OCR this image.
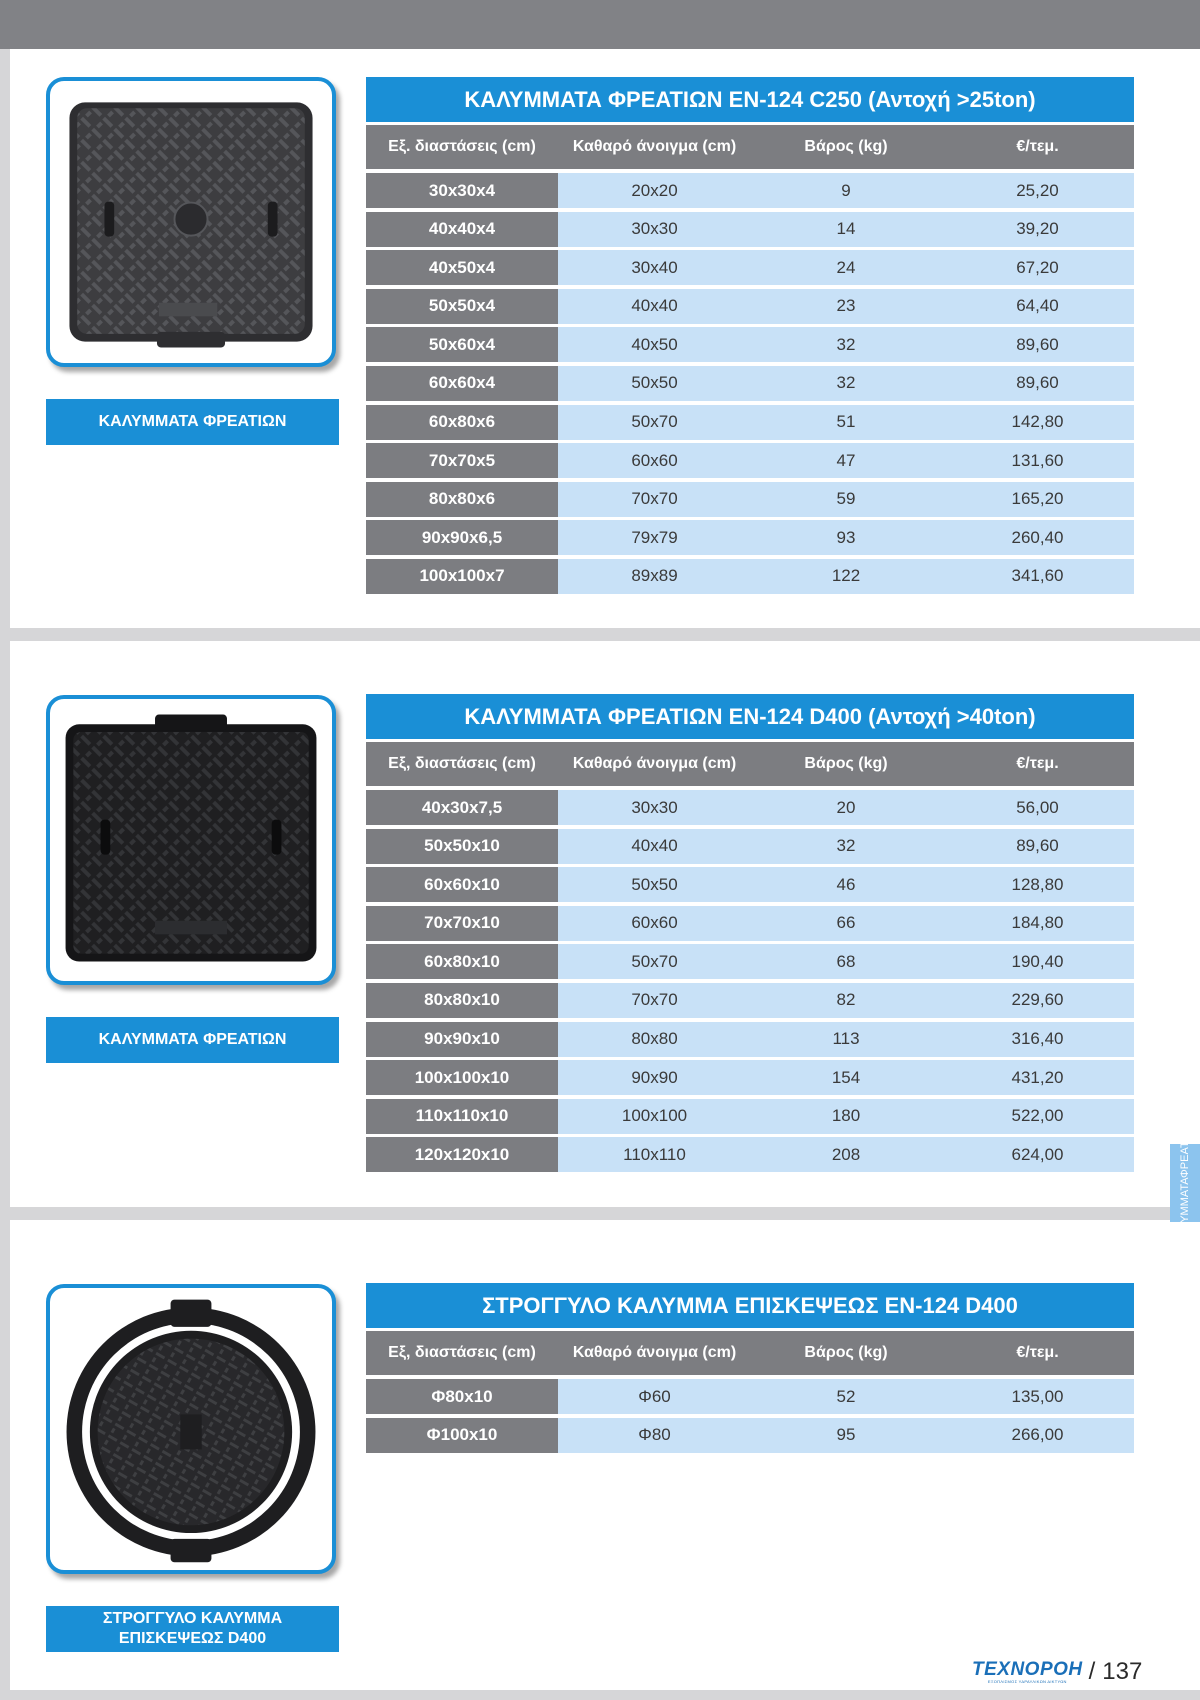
ΚΑΛΥΜΜΑΤΑ ΦΡΕΑΤΙΩΝ
ΚΑΛΥΜΜΑΤΑ ΦΡΕΑΤΙΩΝ EN-124 C250 (Αντοχή >25ton)
Εξ. διαστάσεις (cm)	Καθαρό άνοιγμα (cm)	Βάρος (kg)	€/τεμ.
30x30x4	20x20	9	25,20
40x40x4	30x30	14	39,20
40x50x4	30x40	24	67,20
50x50x4	40x40	23	64,40
50x60x4	40x50	32	89,60
60x60x4	50x50	32	89,60
60x80x6	50x70	51	142,80
70x70x5	60x60	47	131,60
80x80x6	70x70	59	165,20
90x90x6,5	79x79	93	260,40
100x100x7	89x89	122	341,60
ΚΑΛΥΜΜΑΤΑ ΦΡΕΑΤΙΩΝ
ΚΑΛΥΜΜΑΤΑ ΦΡΕΑΤΙΩΝ EN-124 D400 (Αντοχή >40ton)
Εξ, διαστάσεις (cm)	Καθαρό άνοιγμα (cm)	Βάρος (kg)	€/τεμ.
40x30x7,5	30x30	20	56,00
50x50x10	40x40	32	89,60
60x60x10	50x50	46	128,80
70x70x10	60x60	66	184,80
60x80x10	50x70	68	190,40
80x80x10	70x70	82	229,60
90x90x10	80x80	113	316,40
100x100x10	90x90	154	431,20
110x110x10	100x100	180	522,00
120x120x10	110x110	208	624,00
ΣΤΡΟΓΓΥΛΟ ΚΑΛΥΜΜΑ
ΕΠΙΣΚΕΨΕΩΣ D400
ΣΤΡΟΓΓΥΛΟ ΚΑΛΥΜΜΑ ΕΠΙΣΚΕΨΕΩΣ EN-124 D400
Εξ, διαστάσεις (cm)	Καθαρό άνοιγμα (cm)	Βάρος (kg)	€/τεμ.
Φ80x10	Φ60	52	135,00
Φ100x10	Φ80	95	266,00
ΚΑΛΥΜΜΑΤΑ
ΦΡΕΑΤΙΩΝ
ΤΕΧΝΟΡΟΗ
ΕΞΟΠΛΙΣΜΟΣ ΥΔΡΑΥΛΙΚΩΝ ΔΙΚΤΥΩΝ / 137
